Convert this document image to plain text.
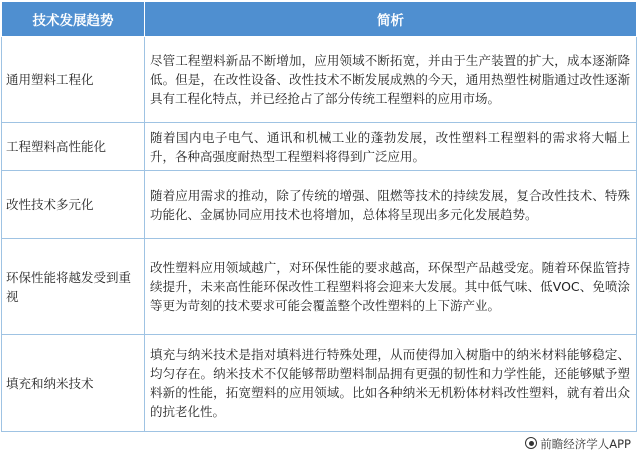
技术发展趋势	简析
通用塑料工程化	尽管工程塑料新品不断增加，应用领域不断拓宽，并由于生产装置的扩大，成本逐渐降低。但是，在改性设备、改性技术不断发展成熟的今天，通用热塑性树脂通过改性逐渐具有工程化特点，并已经抢占了部分传统工程塑料的应用市场。
工程塑料高性能化	随着国内电子电气、通讯和机械工业的蓬勃发展，改性塑料工程塑料的需求将大幅上升，各种高强度耐热型工程塑料将得到广泛应用。
改性技术多元化	随着应用需求的推动，除了传统的增强、阻燃等技术的持续发展，复合改性技术、特殊功能化、金属协同应用技术也将增加，总体将呈现出多元化发展趋势。
环保性能将越发受到重视	改性塑料应用领域越广，对环保性能的要求越高，环保型产品越受宠。随着环保监管持续提升，未来高性能环保改性工程塑料将会迎来大发展。其中低气味、低VOC、免喷涂等更为苛刻的技术要求可能会覆盖整个改性塑料的上下游产业。
填充和纳米技术	填充与纳米技术是指对填料进行特殊处理，从而使得加入树脂中的纳米材料能够稳定、均匀存在。纳米技术不仅能够帮助塑料制品拥有更强的韧性和力学性能，还能够赋予塑料新的性能，拓宽塑料的应用领域。比如各种纳米无机粉体材料改性塑料，就有着出众的抗老化性。
前瞻经济学人APP
